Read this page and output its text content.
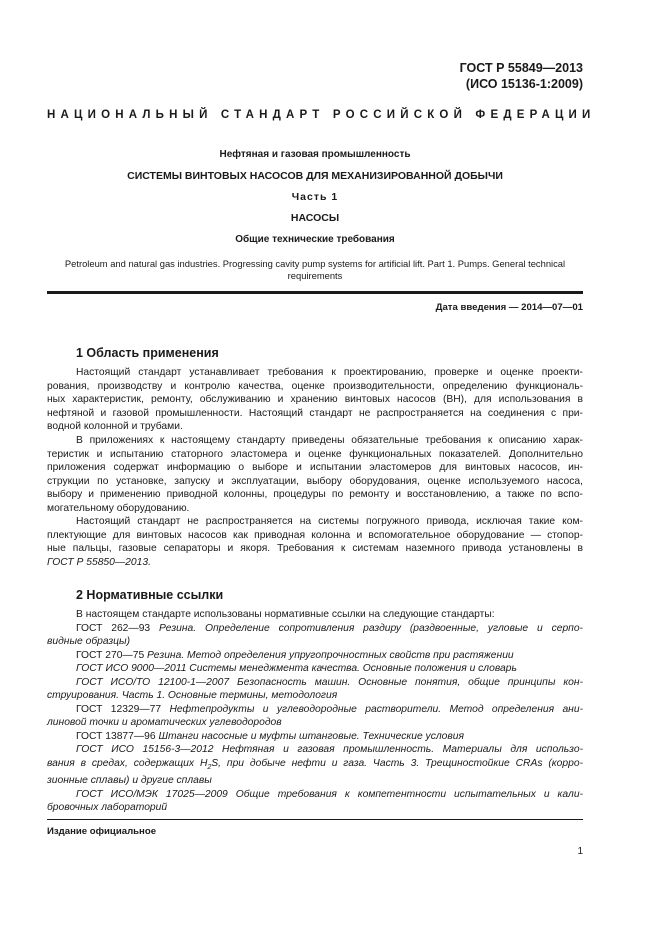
ГОСТ Р 55849—2013
(ИСО 15136-1:2009)
НАЦИОНАЛЬНЫЙ СТАНДАРТ РОССИЙСКОЙ ФЕДЕРАЦИИ
Нефтяная и газовая промышленность
СИСТЕМЫ ВИНТОВЫХ НАСОСОВ ДЛЯ МЕХАНИЗИРОВАННОЙ ДОБЫЧИ
Часть 1
НАСОСЫ
Общие технические требования
Petroleum and natural gas industries. Progressing cavity pump systems for artificial lift. Part 1. Pumps. General technical
requirements
Дата введения — 2014—07—01
1 Область применения
Настоящий стандарт устанавливает требования к проектированию, проверке и оценке проекти-
рования, производству и контролю качества, оценке производительности, определению функциональ-
ных характеристик, ремонту, обслуживанию и хранению винтовых насосов (ВН), для использования в
нефтяной и газовой промышленности. Настоящий стандарт не распространяется на соединения с при-
водной колонной и трубами.
В приложениях к настоящему стандарту приведены обязательные требования к описанию харак-
теристик и испытанию статорного эластомера и оценке функциональных показателей. Дополнительно
приложения содержат информацию о выборе и испытании эластомеров для винтовых насосов, ин-
струкции по установке, запуску и эксплуатации, выбору оборудования, оценке используемого насоса,
выбору и применению приводной колонны, процедуры по ремонту и восстановлению, а также по вспо-
могательному оборудованию.
Настоящий стандарт не распространяется на системы погружного привода, исключая такие ком-
плектующие для винтовых насосов как приводная колонна и вспомогательное оборудование — стопор-
ные пальцы, газовые сепараторы и якоря. Требования к системам наземного привода установлены в
ГОСТ Р 55850—2013.
2 Нормативные ссылки
В настоящем стандарте использованы нормативные ссылки на следующие стандарты:
ГОСТ 262—93 Резина. Определение сопротивления раздиру (раздвоенные, угловые и серпо-
видные образцы)
ГОСТ 270—75 Резина. Метод определения упругопрочностных свойств при растяжении
ГОСТ ИСО 9000—2011 Системы менеджмента качества. Основные положения и словарь
ГОСТ ИСО/ТО 12100-1—2007 Безопасность машин. Основные понятия, общие принципы кон-
струирования. Часть 1. Основные термины, методология
ГОСТ 12329—77 Нефтепродукты и углеводородные растворители. Метод определения ани-
линовой точки и ароматических углеводородов
ГОСТ 13877—96 Штанги насосные и муфты штанговые. Технические условия
ГОСТ ИСО 15156-3—2012 Нефтяная и газовая промышленность. Материалы для использо-
вания в средах, содержащих $H_2S$, при добыче нефти и газа. Часть 3. Трещиностойкие CRAs (корро-
зионные сплавы) и другие сплавы
ГОСТ ИСО/МЭК 17025—2009 Общие требования к компетентности испытательных и кали-
бровочных лабораторий
Издание официальное
1
